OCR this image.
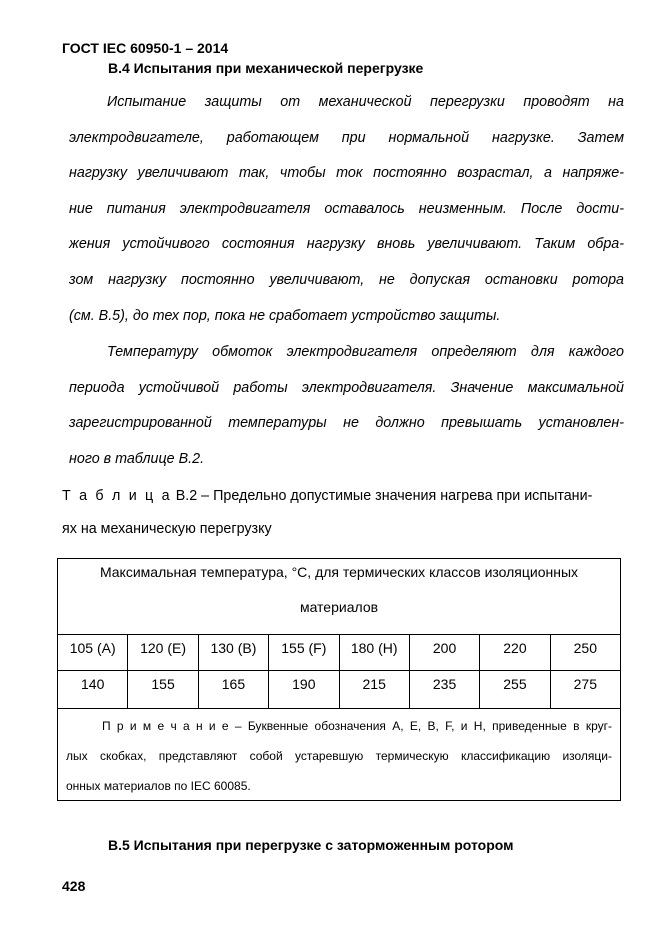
ГОСТ IEC 60950-1 – 2014
B.4 Испытания при механической перегрузке
Испытание защиты от механической перегрузки проводят на
электродвигателе, работающем при нормальной нагрузке. Затем
нагрузку увеличивают так, чтобы ток постоянно возрастал, а напряже-
ние питания электродвигателя оставалось неизменным. После дости-
жения устойчивого состояния нагрузку вновь увеличивают. Таким обра-
зом нагрузку постоянно увеличивают, не допуская остановки ротора
(см. B.5), до тех пор, пока не сработает устройство защиты.
Температуру обмоток электродвигателя определяют для каждого
периода устойчивой работы электродвигателя. Значение максимальной
зарегистрированной температуры не должно превышать установлен-
ного в таблице B.2.
Т а б л и ц а B.2 – Предельно допустимые значения нагрева при испытани-
ях на механическую перегрузку
Максимальная температура, °C, для термических классов изоляционных
материалов
105 (A)	120 (E)	130 (B)	155 (F)	180 (H)	200	220	250
140	155	165	190	215	235	255	275
П р и м е ч а н и е – Буквенные обозначения A, E, B, F, и H, приведенные в круг-
лых скобках, представляют собой устаревшую термическую классификацию изоляци-
онных материалов по IEC 60085.
B.5 Испытания при перегрузке с заторможенным ротором
428
